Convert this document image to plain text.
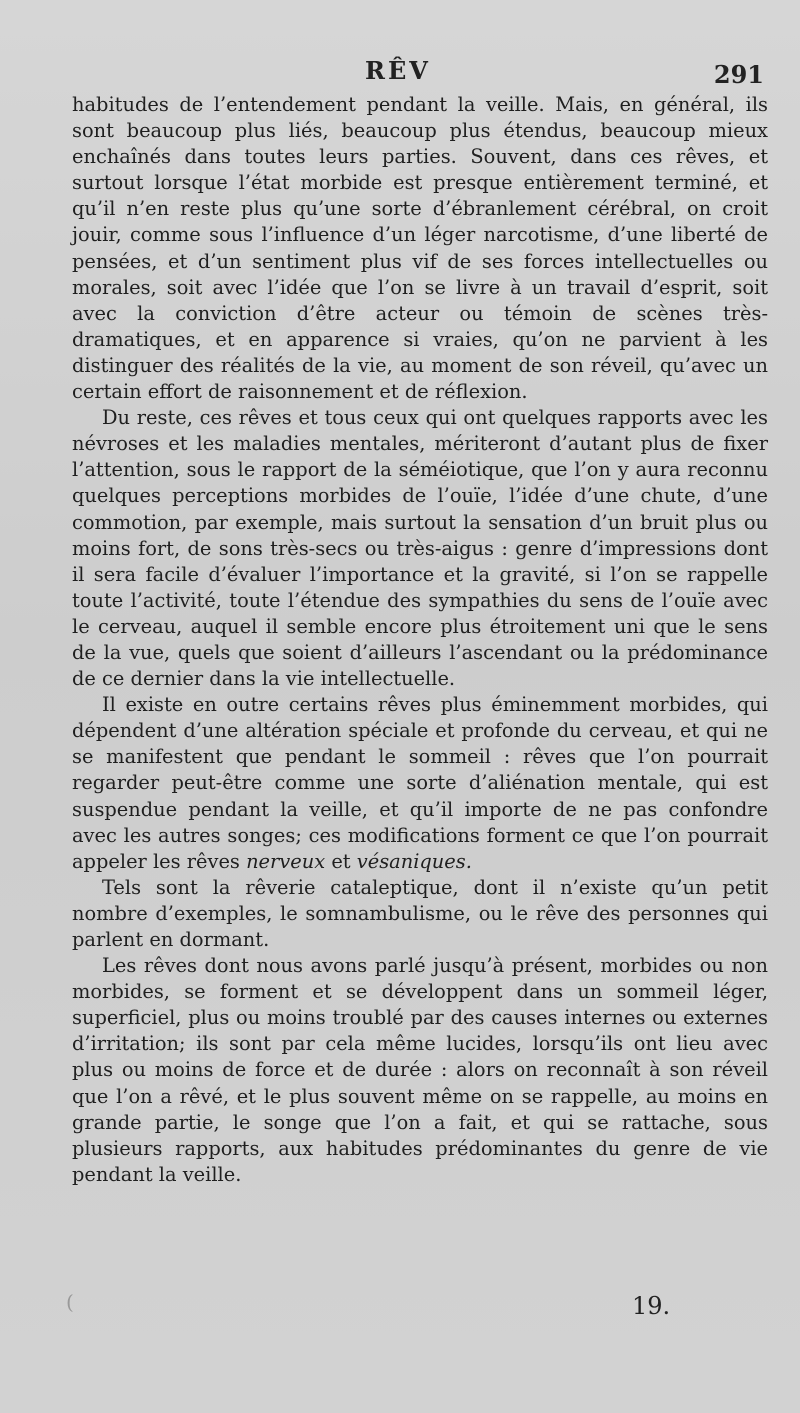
RÊV	291

habitudes de l’entendement pendant la veille. Mais, en général, ils sont beaucoup plus liés, beaucoup plus étendus, beaucoup mieux enchaînés dans toutes leurs parties. Souvent, dans ces rêves, et surtout lorsque l’état morbide est presque entièrement terminé, et qu’il n’en reste plus qu’une sorte d’ébranlement cérébral, on croit jouir, comme sous l’influence d’un léger narcotisme, d’une liberté de pensées, et d’un sentiment plus vif de ses forces intellectuelles ou morales, soit avec l’idée que l’on se livre à un travail d’esprit, soit avec la conviction d’être acteur ou témoin de scènes très-dramatiques, et en apparence si vraies, qu’on ne parvient à les distinguer des réalités de la vie, au moment de son réveil, qu’avec un certain effort de raisonnement et de réflexion.

Du reste, ces rêves et tous ceux qui ont quelques rapports avec les névroses et les maladies mentales, mériteront d’autant plus de fixer l’attention, sous le rapport de la séméiotique, que l’on y aura reconnu quelques perceptions morbides de l’ouïe, l’idée d’une chute, d’une commotion, par exemple, mais surtout la sensation d’un bruit plus ou moins fort, de sons très-secs ou très-aigus : genre d’impressions dont il sera facile d’évaluer l’importance et la gravité, si l’on se rappelle toute l’activité, toute l’étendue des sympathies du sens de l’ouïe avec le cerveau, auquel il semble encore plus étroitement uni que le sens de la vue, quels que soient d’ailleurs l’ascendant ou la prédominance de ce dernier dans la vie intellectuelle.

Il existe en outre certains rêves plus éminemment morbides, qui dépendent d’une altération spéciale et profonde du cerveau, et qui ne se manifestent que pendant le sommeil : rêves que l’on pourrait regarder peut-être comme une sorte d’aliénation mentale, qui est suspendue pendant la veille, et qu’il importe de ne pas confondre avec les autres songes; ces modifications forment ce que l’on pourrait appeler les rêves nerveux et vésaniques.

Tels sont la rêverie cataleptique, dont il n’existe qu’un petit nombre d’exemples, le somnambulisme, ou le rêve des personnes qui parlent en dormant.

Les rêves dont nous avons parlé jusqu’à présent, morbides ou non morbides, se forment et se développent dans un sommeil léger, superficiel, plus ou moins troublé par des causes internes ou externes d’irritation; ils sont par cela même lucides, lorsqu’ils ont lieu avec plus ou moins de force et de durée : alors on reconnaît à son réveil que l’on a rêvé, et le plus souvent même on se rappelle, au moins en grande partie, le songe que l’on a fait, et qui se rattache, sous plusieurs rapports, aux habitudes prédominantes du genre de vie pendant la veille.

(	19.
